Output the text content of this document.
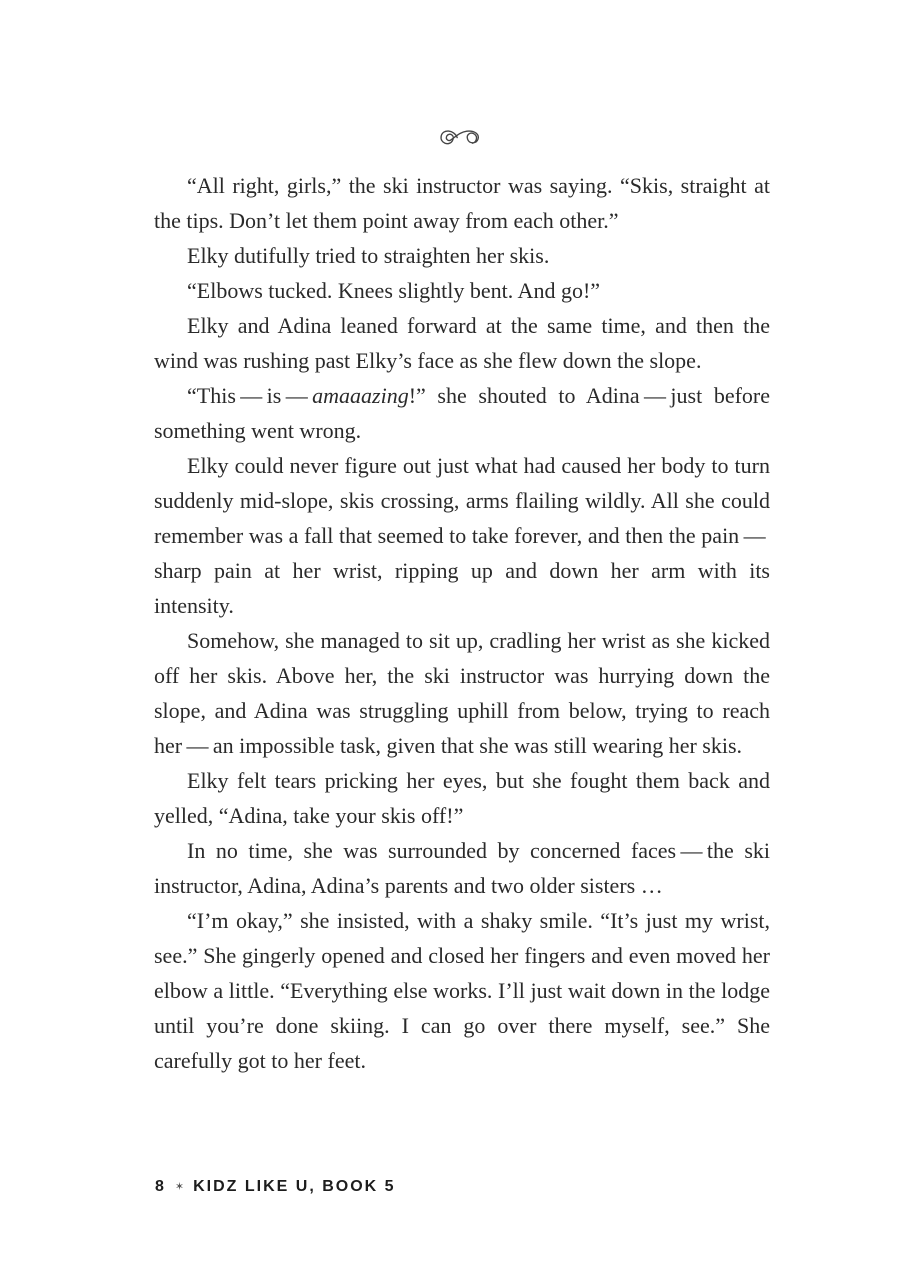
“All right, girls,” the ski instructor was saying. “Skis, straight at the tips. Don’t let them point away from each other.”

Elky dutifully tried to straighten her skis.

“Elbows tucked. Knees slightly bent. And go!”

Elky and Adina leaned forward at the same time, and then the wind was rushing past Elky’s face as she flew down the slope.

“This — is — amaaazing!” she shouted to Adina — just before something went wrong.

Elky could never figure out just what had caused her body to turn suddenly mid-slope, skis crossing, arms flailing wildly. All she could remember was a fall that seemed to take forever, and then the pain — sharp pain at her wrist, ripping up and down her arm with its intensity.

Somehow, she managed to sit up, cradling her wrist as she kicked off her skis. Above her, the ski instructor was hurrying down the slope, and Adina was struggling uphill from below, trying to reach her — an impossible task, given that she was still wearing her skis.

Elky felt tears pricking her eyes, but she fought them back and yelled, “Adina, take your skis off!”

In no time, she was surrounded by concerned faces — the ski instructor, Adina, Adina’s parents and two older sisters …

“I’m okay,” she insisted, with a shaky smile. “It’s just my wrist, see.” She gingerly opened and closed her fingers and even moved her elbow a little. “Everything else works. I’ll just wait down in the lodge until you’re done skiing. I can go over there myself, see.” She carefully got to her feet.

8 ✶ KIDZ LIKE U, BOOK 5
